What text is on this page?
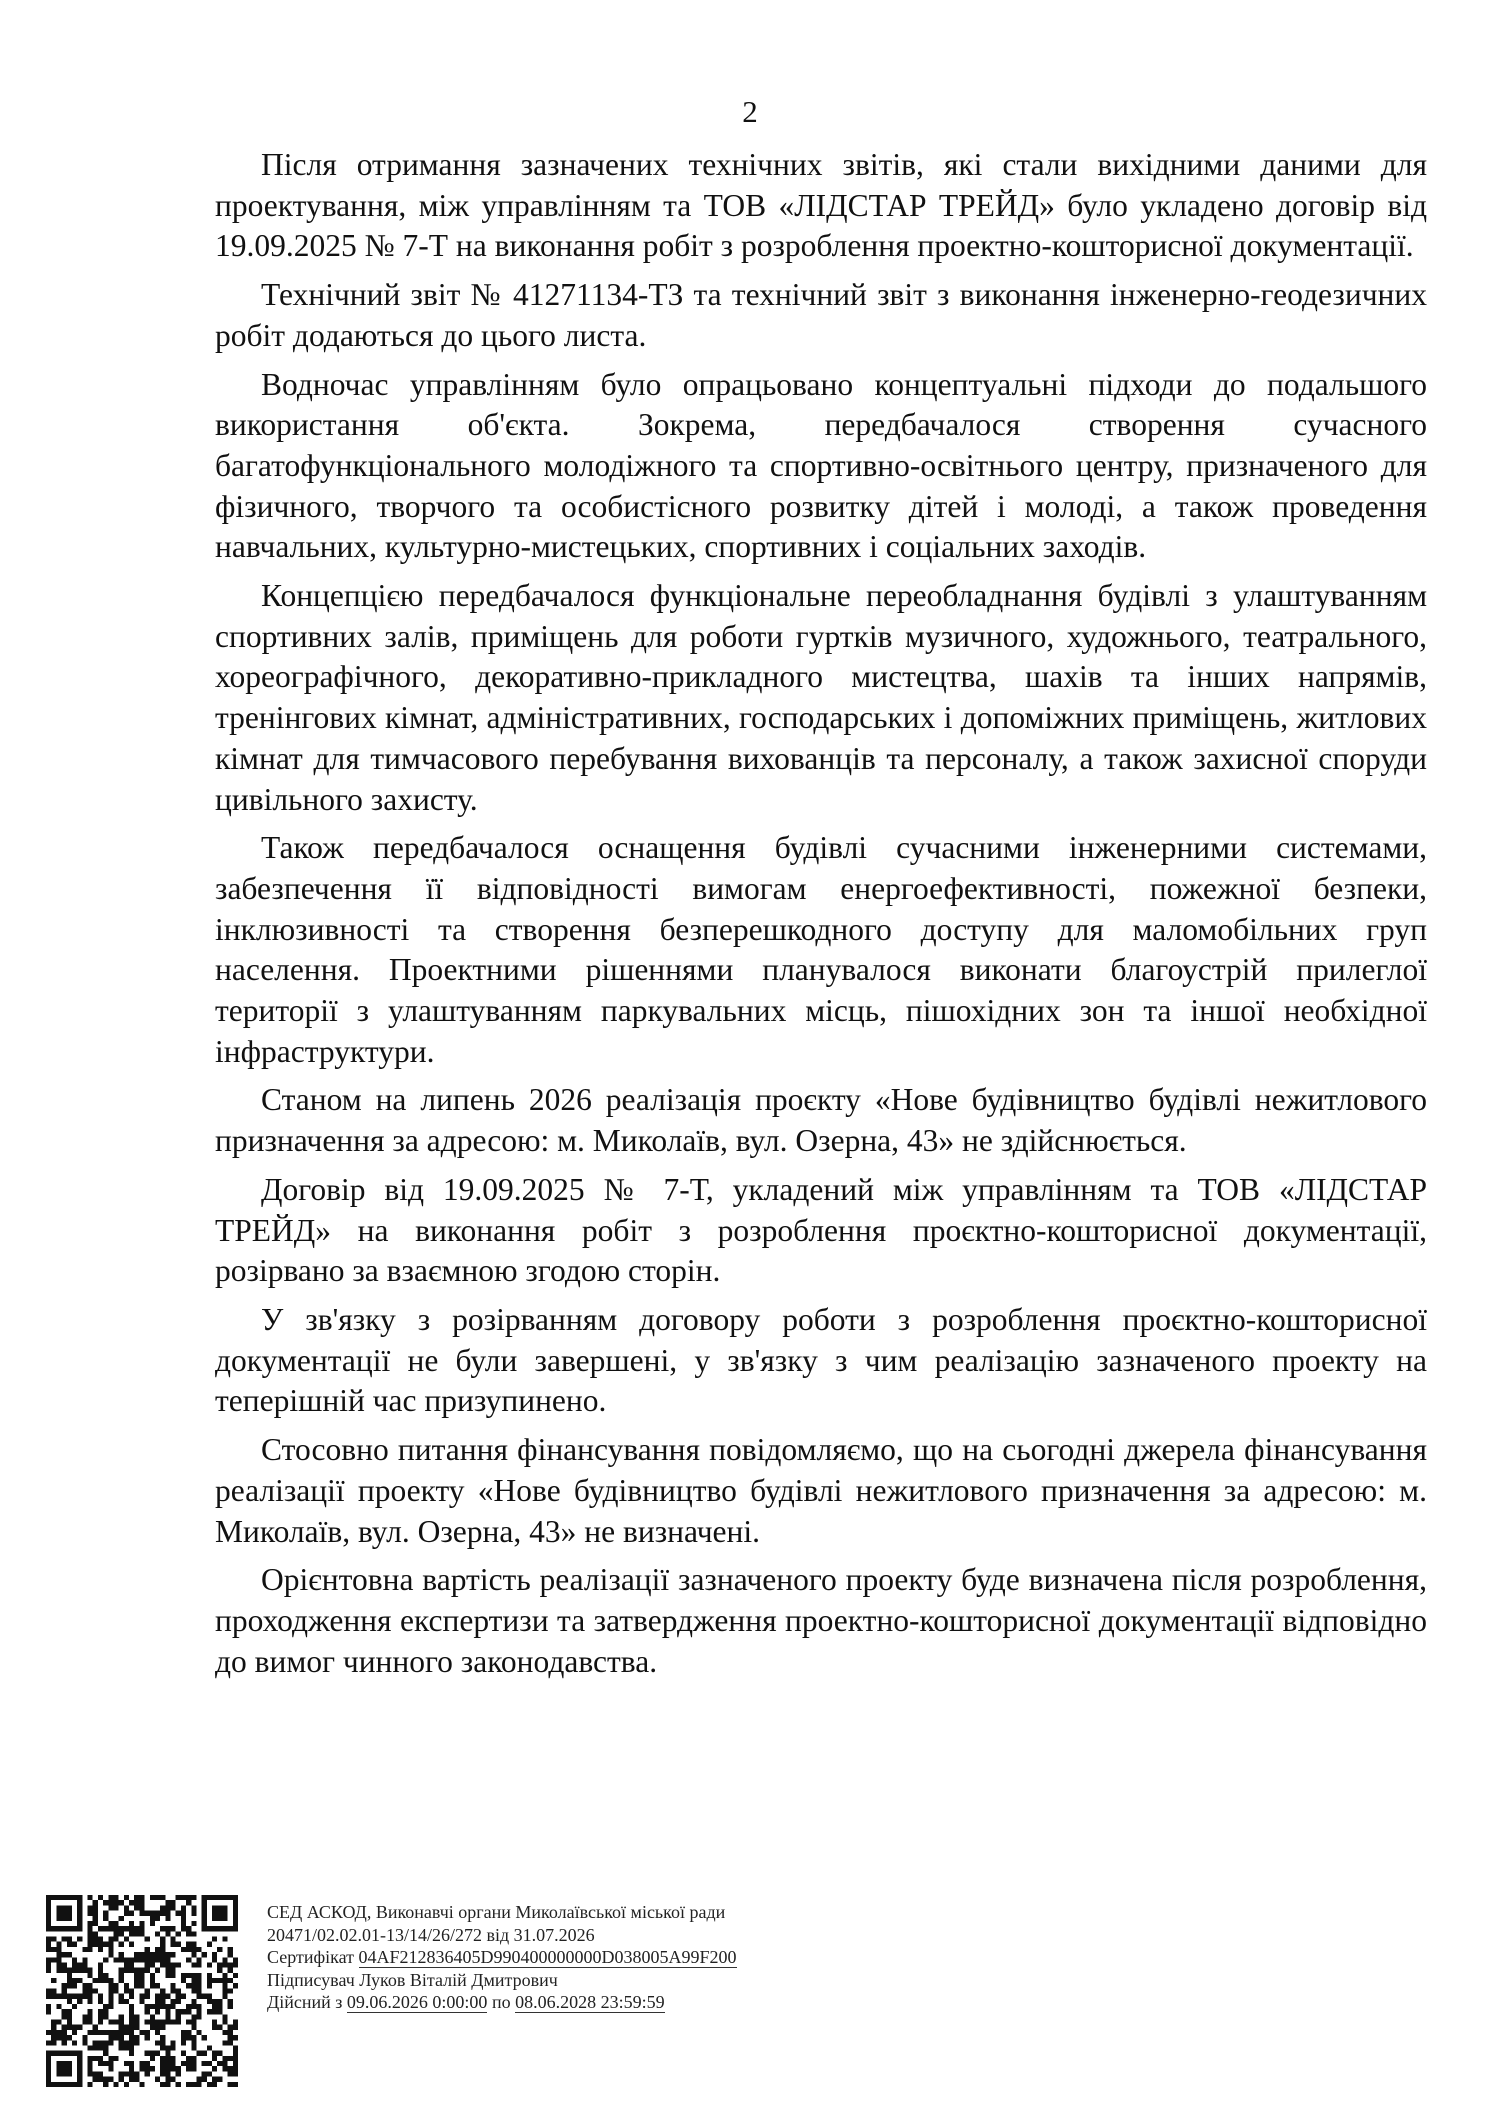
2

Після отримання зазначених технічних звітів, які стали вихідними даними для проектування, між управлінням та ТОВ «ЛІДСТАР ТРЕЙД» було укладено договір від 19.09.2025 № 7-Т на виконання робіт з розроблення проектно-кошторисної документації.

Технічний звіт № 41271134-ТЗ та технічний звіт з виконання інженерно-геодезичних робіт додаються до цього листа.

Водночас управлінням було опрацьовано концептуальні підходи до подальшого використання об'єкта. Зокрема, передбачалося створення сучасного багатофункціонального молодіжного та спортивно-освітнього центру, призначеного для фізичного, творчого та особистісного розвитку дітей і молоді, а також проведення навчальних, культурно-мистецьких, спортивних і соціальних заходів.

Концепцією передбачалося функціональне переобладнання будівлі з улаштуванням спортивних залів, приміщень для роботи гуртків музичного, художнього, театрального, хореографічного, декоративно-прикладного мистецтва, шахів та інших напрямів, тренінгових кімнат, адміністративних, господарських і допоміжних приміщень, житлових кімнат для тимчасового перебування вихованців та персоналу, а також захисної споруди цивільного захисту.

Також передбачалося оснащення будівлі сучасними інженерними системами, забезпечення її відповідності вимогам енергоефективності, пожежної безпеки, інклюзивності та створення безперешкодного доступу для маломобільних груп населення. Проектними рішеннями планувалося виконати благоустрій прилеглої території з улаштуванням паркувальних місць, пішохідних зон та іншої необхідної інфраструктури.

Станом на липень 2026 реалізація проєкту «Нове будівництво будівлі нежитлового призначення за адресою: м. Миколаїв, вул. Озерна, 43» не здійснюється.

Договір від 19.09.2025 № 7-Т, укладений між управлінням та ТОВ «ЛІДСТАР ТРЕЙД» на виконання робіт з розроблення проєктно-кошторисної документації, розірвано за взаємною згодою сторін.

У зв'язку з розірванням договору роботи з розроблення проєктно-кошторисної документації не були завершені, у зв'язку з чим реалізацію зазначеного проекту на теперішній час призупинено.

Стосовно питання фінансування повідомляємо, що на сьогодні джерела фінансування реалізації проекту «Нове будівництво будівлі нежитлового призначення за адресою: м. Миколаїв, вул. Озерна, 43» не визначені.

Орієнтовна вартість реалізації зазначеного проекту буде визначена після розроблення, проходження експертизи та затвердження проектно-кошторисної документації відповідно до вимог чинного законодавства.

СЕД АСКОД, Виконавчі органи Миколаївської міської ради
20471/02.02.01-13/14/26/272 від 31.07.2026
Сертифікат 04AF212836405D990400000000D038005A99F200
Підписувач Луков Віталій Дмитрович
Дійсний з 09.06.2026 0:00:00 по 08.06.2028 23:59:59
